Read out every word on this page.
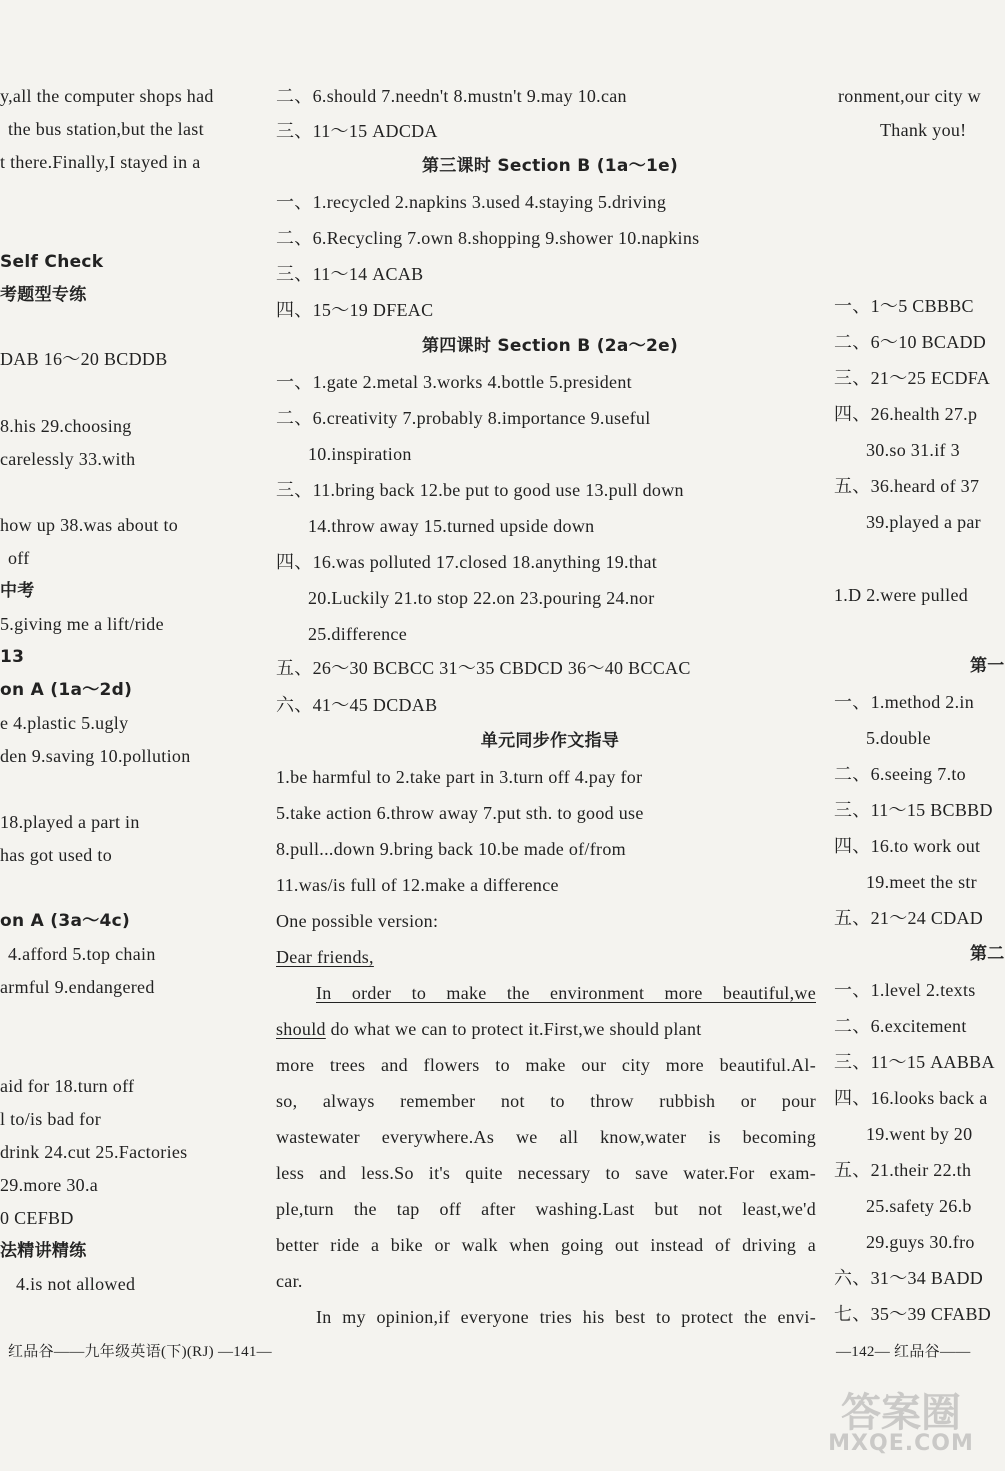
y,all the computer shops had
the bus station,but the last
t there.Finally,I stayed in a
Self Check
考题型专练
DAB 16～20 BCDDB
8.his 29.choosing
carelessly 33.with
how up 38.was about to
off
中考
5.giving me a lift/ride
13
on A (1a～2d)
e 4.plastic 5.ugly
den 9.saving 10.pollution
18.played a part in
has got used to
on A (3a～4c)
4.afford 5.top chain
armful 9.endangered
aid for 18.turn off
l to/is bad for
drink 24.cut 25.Factories
29.more 30.a
0 CEFBD
法精讲精练
4.is not allowed
红品谷——九年级英语(下)(RJ) —141—
二、6.should 7.needn't 8.mustn't 9.may 10.can
三、11～15 ADCDA
第三课时 Section B (1a～1e)
一、1.recycled 2.napkins 3.used 4.staying 5.driving
二、6.Recycling 7.own 8.shopping 9.shower 10.napkins
三、11～14 ACAB
四、15～19 DFEAC
第四课时 Section B (2a～2e)
一、1.gate 2.metal 3.works 4.bottle 5.president
二、6.creativity 7.probably 8.importance 9.useful
10.inspiration
三、11.bring back 12.be put to good use 13.pull down
14.throw away 15.turned upside down
四、16.was polluted 17.closed 18.anything 19.that
20.Luckily 21.to stop 22.on 23.pouring 24.nor
25.difference
五、26～30 BCBCC 31～35 CBDCD 36～40 BCCAC
六、41～45 DCDAB
单元同步作文指导
1.be harmful to 2.take part in 3.turn off 4.pay for
5.take action 6.throw away 7.put sth. to good use
8.pull...down 9.bring back 10.be made of/from
11.was/is full of 12.make a difference
One possible version:
Dear friends,
In order to make the environment more beautiful,we
should do what we can to protect it.First,we should plant
more trees and flowers to make our city more beautiful.Al-
so, always remember not to throw rubbish or pour
wastewater everywhere.As we all know,water is becoming
less and less.So it's quite necessary to save water.For exam-
ple,turn the tap off after washing.Last but not least,we'd
better ride a bike or walk when going out instead of driving a
car.
In my opinion,if everyone tries his best to protect the envi-
ronment,our city w
Thank you!
一、1～5 CBBBC
二、6～10 BCADD
三、21～25 ECDFA
四、26.health 27.p
30.so 31.if 3
五、36.heard of 37
39.played a par
1.D 2.were pulled
第一
一、1.method 2.in
5.double
二、6.seeing 7.to
三、11～15 BCBBD
四、16.to work out
19.meet the str
五、21～24 CDAD
第二
一、1.level 2.texts
二、6.excitement
三、11～15 AABBA
四、16.looks back a
19.went by 20
五、21.their 22.th
25.safety 26.b
29.guys 30.fro
六、31～34 BADD
七、35～39 CFABD
—142— 红品谷——
答案圈
MXQE.COM
